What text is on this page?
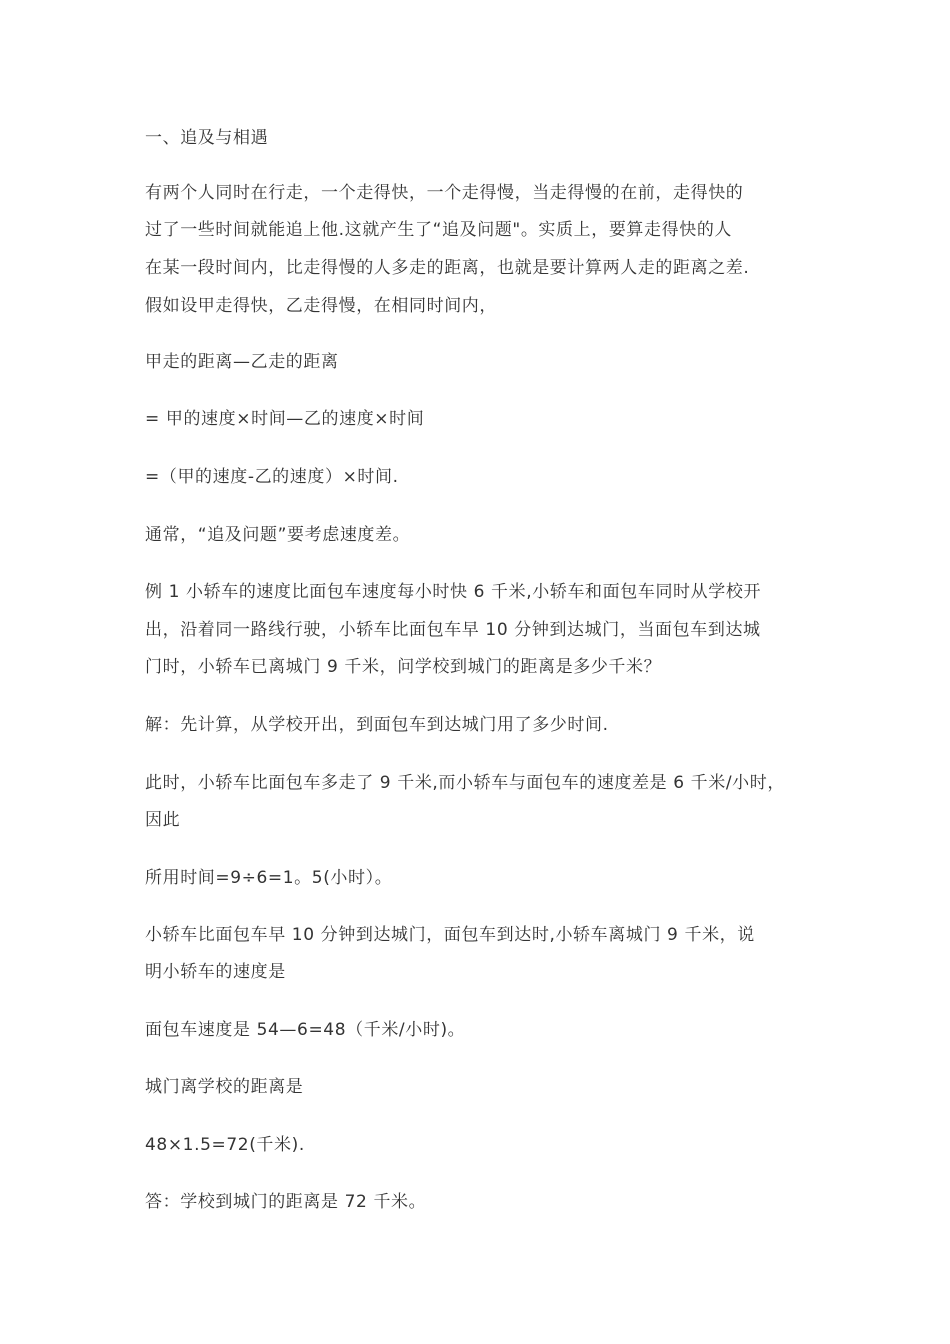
一、追及与相遇
有两个人同时在行走，一个走得快，一个走得慢，当走得慢的在前，走得快的
过了一些时间就能追上他.这就产生了“追及问题"。实质上，要算走得快的人
在某一段时间内，比走得慢的人多走的距离，也就是要计算两人走的距离之差.
假如设甲走得快，乙走得慢，在相同时间内，
甲走的距离—乙走的距离
= 甲的速度×时间—乙的速度×时间
=（甲的速度-乙的速度）×时间.
通常，“追及问题”要考虑速度差。
例 1 小轿车的速度比面包车速度每小时快 6 千米,小轿车和面包车同时从学校开
出，沿着同一路线行驶，小轿车比面包车早 10 分钟到达城门，当面包车到达城
门时，小轿车已离城门 9 千米，问学校到城门的距离是多少千米？
解：先计算，从学校开出，到面包车到达城门用了多少时间.
此时，小轿车比面包车多走了 9 千米,而小轿车与面包车的速度差是 6 千米/小时，
因此
所用时间=9÷6=1。5(小时）。
小轿车比面包车早 10 分钟到达城门，面包车到达时,小轿车离城门 9 千米，说
明小轿车的速度是
面包车速度是 54—6=48（千米/小时)。
城门离学校的距离是
48×1.5=72(千米).
答：学校到城门的距离是 72 千米。
